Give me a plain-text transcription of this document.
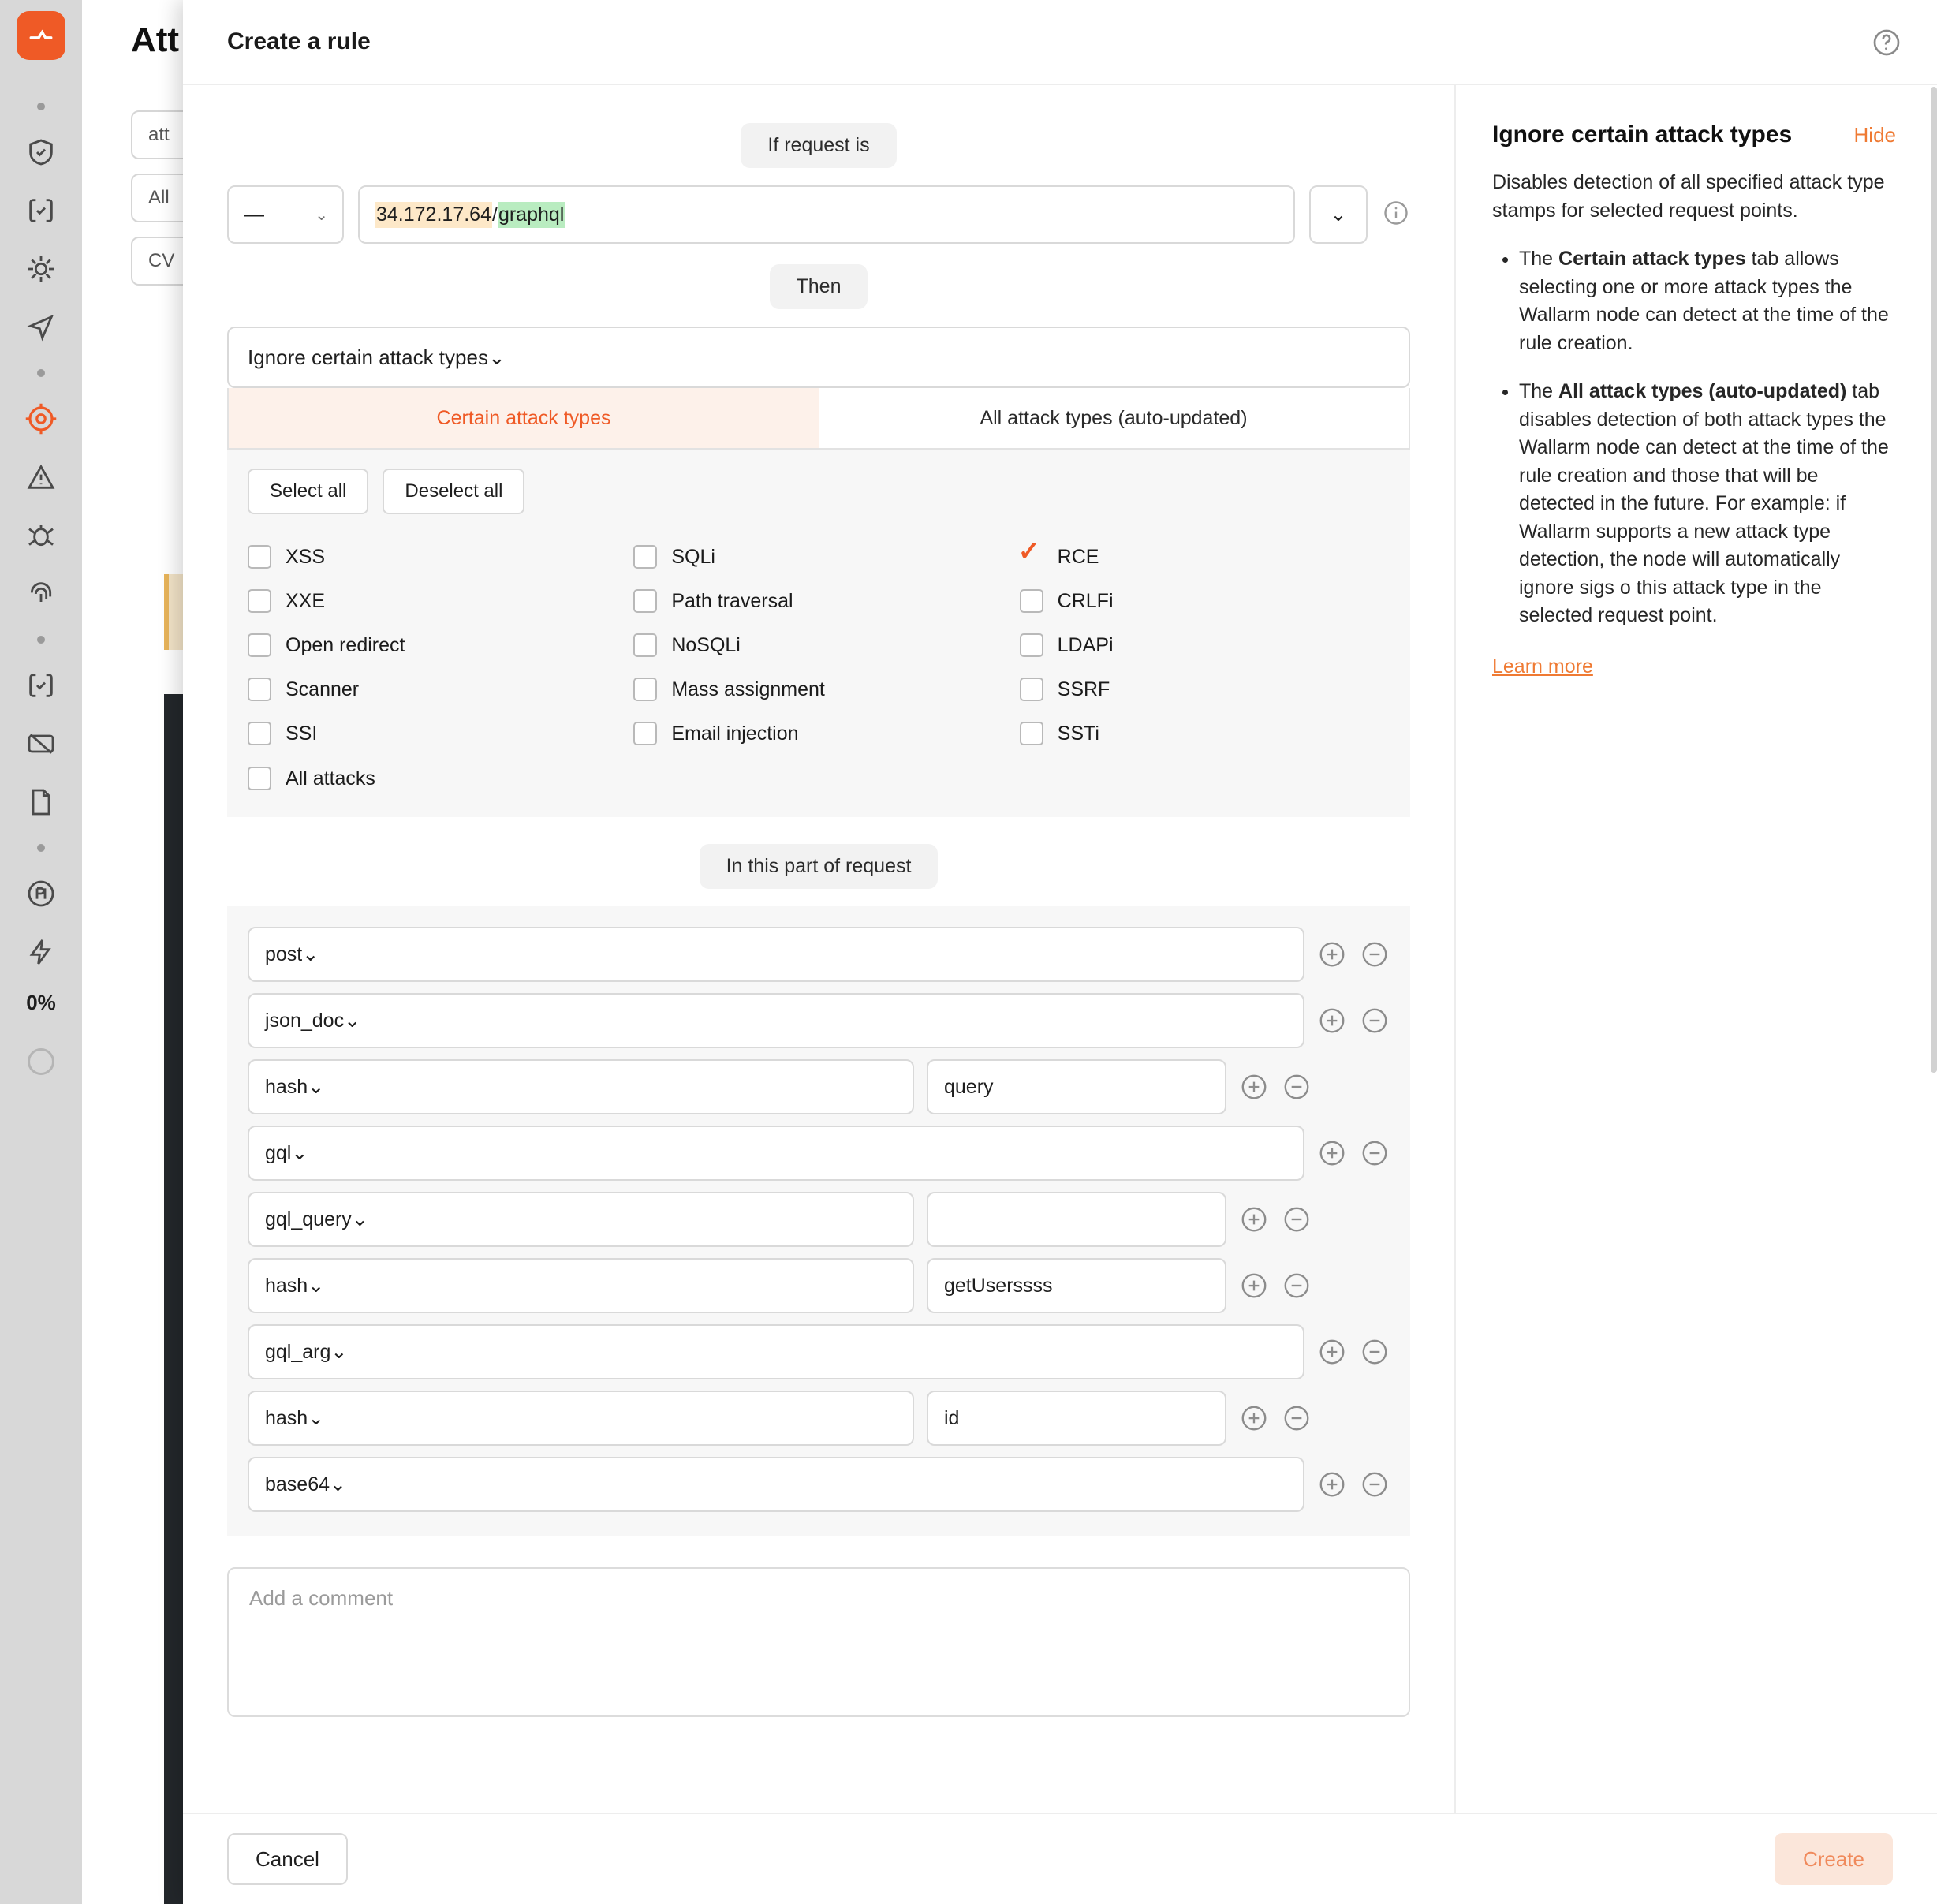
0%
Att
att
All
CV
Create a rule
If request is
—	⌄ 34.172.17.64 / graphql	⌄
Then
Ignore certain attack types ⌄
Certain attack types	All attack types (auto-updated)
Select all	Deselect all
XSS
XXE
Open redirect
Scanner
SSI
SQLi
Path traversal
NoSQLi
Mass assignment
Email injection
✓
RCE
CRLFi
LDAPi
SSRF
SSTi
All attacks
In this part of request
post ⌄
json_doc ⌄
hash ⌄	query
gql ⌄
gql_query ⌄
hash ⌄	getUserssss
gql_arg ⌄
hash ⌄	id
base64 ⌄
Add a comment
Ignore certain attack types	Hide
Disables detection of all specified attack type stamps for selected request points.
• The Certain attack types tab allows selecting one or more attack types the Wallarm node can detect at the time of the rule creation.
• The All attack types (auto-updated) tab disables detection of both attack types the Wallarm node can detect at the time of the rule creation and those that will be detected in the future. For example: if Wallarm supports a new attack type detection, the node will automatically ignore sigs o this attack type in the selected request point.
Learn more
Cancel	Create
